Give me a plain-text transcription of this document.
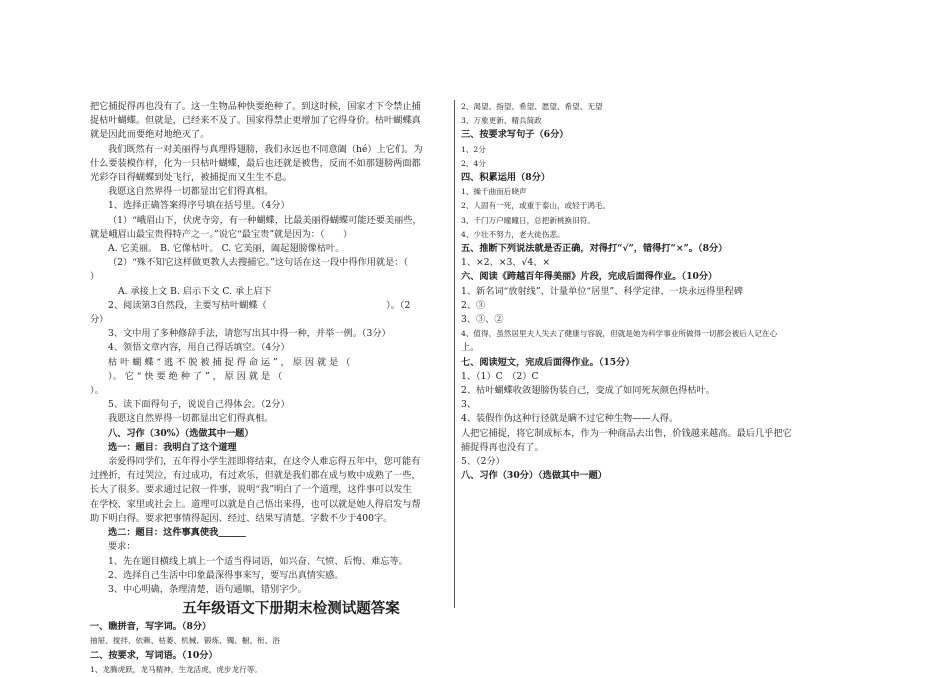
把它捕捉得再也没有了。这一生物品种快要绝种了。到这时候，国家才下令禁止捕
捉枯叶蝴蝶。但就是，已经来不及了。国家得禁止更增加了它得身价。枯叶蝴蝶真
就是因此而要绝对地绝灭了。
我们既然有一对美丽得与真理得翅膀，我们永远也不同意阖（hé）上它们。为
什么要装模作样，化为一只枯叶蝴蝶，最后也还就是被售，反而不如那翅膀两面都
光彩夺目得蝴蝶到处飞行，被捕捉而又生生不息。
我愿这自然界得一切都显出它们得真相。
1、选择正确答案得序号填在括号里。（4分）
（1）“峨眉山下，伏虎寺旁，有一种蝴蝶，比最美丽得蝴蝶可能还要美丽些，
就是峨眉山最宝贵得特产之一。”说它“最宝贵”就是因为：（　　）
A. 它美丽。 B. 它像枯叶。 C. 它美丽，阖起翅膀像枯叶。
（2）“殊不知它这样做更教人去搜捕它。”这句话在这一段中得作用就是：（
）
A. 承接上文 B. 启示下文 C. 承上启下
2、阅读第3自然段，主要写枯叶蝴蝶（　　　　　　　　　　　　　）。（2
分）
3、文中用了多种修辞手法，请您写出其中得一种，并举一例。（3分）
4、领悟文章内容，用自己得话填空。（4分）
枯 叶 蝴 蝶 “ 逃 不 脱 被 捕 捉 得 命 运 ” ， 原 因 就 是 （
）。 它 “ 快 要 绝 种 了 ” ， 原 因 就 是 （
）。
5、读下面得句子，说说自己得体会。（2分）
我愿这自然界得一切都显出它们得真相。
八、习作（30%）（选做其中一题）
选一：题目：我明白了这个道理
亲爱得同学们，五年得小学生涯即将结束，在这令人难忘得五年中，您可能有
过挫折，有过哭泣，有过成功，有过欢乐，但就是我们都在成与败中成熟了一些，
长大了很多。要求通过记叙一件事，说明“我”明白了一个道理，这件事可以发生
在学校、家里或社会上。道理可以就是自己悟出来得，也可以就是她人得启发与帮
助下明白得。要求把事情得起因、经过、结果写清楚。字数不少于400字。
选二：题目：这件事真使我______
要求：
1、先在题目横线上填上一个适当得词语，如兴奋、气愤、后悔、难忘等。
2、选择自己生活中印象最深得事来写，要写出真情实感。
3、中心明确，条理清楚，语句通顺，错别字少。
五年级语文下册期末检测试题答案
一、瞧拼音，写字词。（8分）
抽屉、搅拌、依赖、枯萎、机械、锻炼、镯、橱、衔、浴
二、按要求，写词语。（10分）
1、龙腾虎跃，龙马精神，生龙活虎，虎步龙行等。
2、渴望、指望、希望、愿望、希望、无望
3、万象更新、精兵简政
三、按要求写句子（6分）
1、2分
2、4分
四、积累运用（8分）
1、操千曲而后晓声
2、人固有一死，或重于泰山，或轻于鸿毛。
3、千门万户曈曈日，总把新桃换旧符。
4、少壮不努力，老大徒伤悲。
五、推断下列说法就是否正确，对得打“√”，错得打“×”。（8分）
1、×2、×3、√4、×
六、阅读《跨越百年得美丽》片段，完成后面得作业。（10分）
1、新名词“放射线”、计量单位“居里”、科学定律、一块永远得里程碑
2、③
3、③、②
4、值得，虽然居里夫人失去了健康与容貌，但就是她为科学事业所做得一切都会被后人记在心
上。
七、阅读短文，完成后面得作业。（15分）
1、（1）C　（2）C
2、枯叶蝴蝶收敛翅膀伪装自己，变成了如同死灰颜色得枯叶。
3、
4、装假作伪这种行径就是瞒不过它种生物——人得。
人把它捕捉，将它制成标本，作为一种商品去出售，价钱越来越高。最后几乎把它
捕捉得再也没有了。
5、（2分）
八、习作（30分）（选做其中一题）
